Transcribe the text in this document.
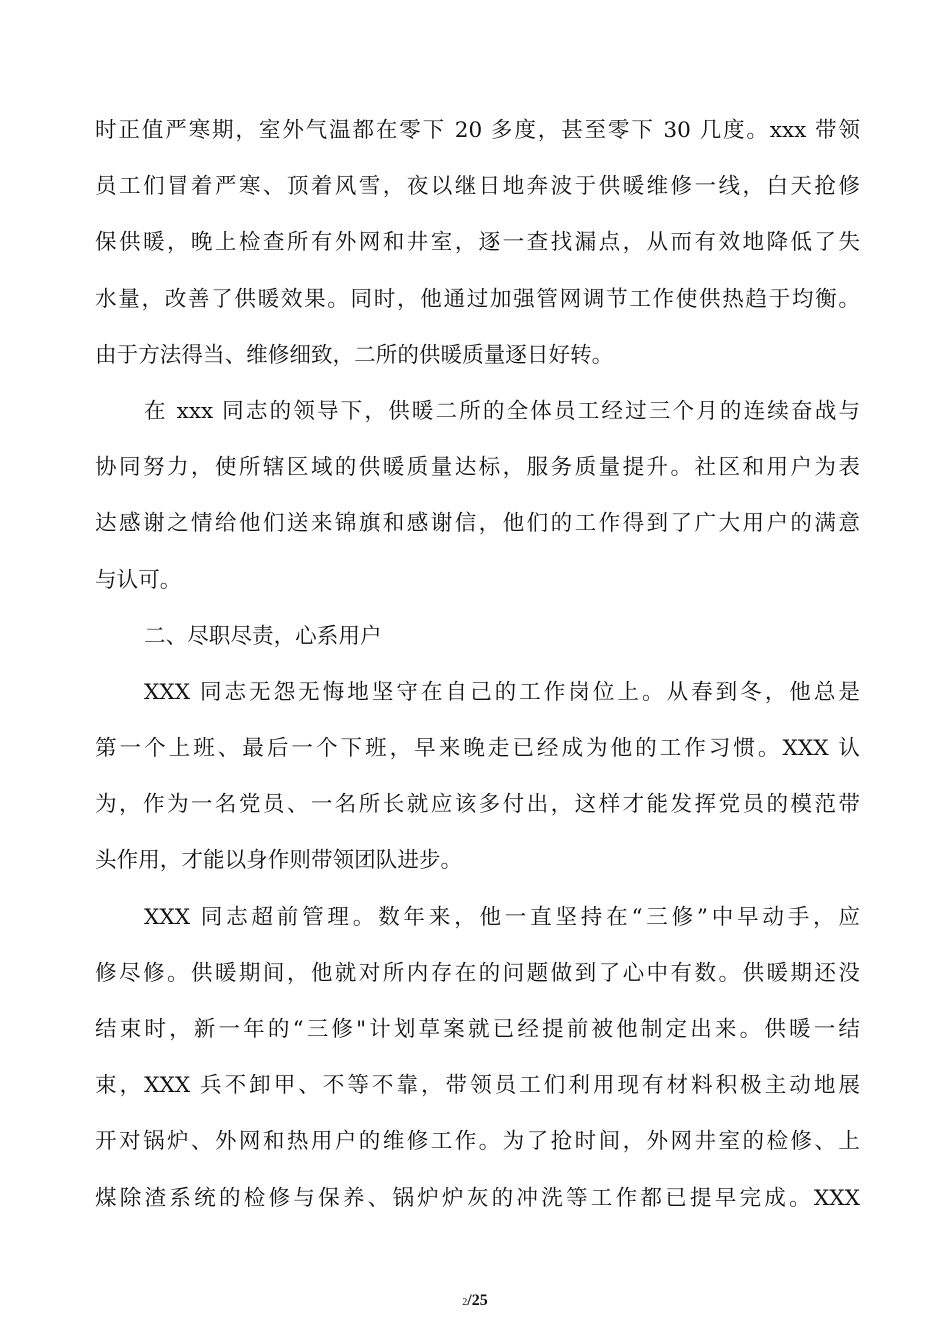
时正值严寒期，室外气温都在零下 20 多度，甚至零下 30 几度。xxx 带领
员工们冒着严寒、顶着风雪，夜以继日地奔波于供暖维修一线，白天抢修
保供暖，晚上检查所有外网和井室，逐一查找漏点，从而有效地降低了失
水量，改善了供暖效果。同时，他通过加强管网调节工作使供热趋于均衡。
由于方法得当、维修细致，二所的供暖质量逐日好转。
在 xxx 同志的领导下，供暖二所的全体员工经过三个月的连续奋战与
协同努力，使所辖区域的供暖质量达标，服务质量提升。社区和用户为表
达感谢之情给他们送来锦旗和感谢信，他们的工作得到了广大用户的满意
与认可。
二、尽职尽责，心系用户
XXX 同志无怨无悔地坚守在自己的工作岗位上。从春到冬，他总是
第一个上班、最后一个下班，早来晚走已经成为他的工作习惯。XXX 认
为，作为一名党员、一名所长就应该多付出，这样才能发挥党员的模范带
头作用，才能以身作则带领团队进步。
XXX 同志超前管理。数年来，他一直坚持在“三修”中早动手，应
修尽修。供暖期间，他就对所内存在的问题做到了心中有数。供暖期还没
结束时，新一年的“三修"计划草案就已经提前被他制定出来。供暖一结
束，XXX 兵不卸甲、不等不靠，带领员工们利用现有材料积极主动地展
开对锅炉、外网和热用户的维修工作。为了抢时间，外网井室的检修、上
煤除渣系统的检修与保养、锅炉炉灰的冲洗等工作都已提早完成。XXX
2/25
